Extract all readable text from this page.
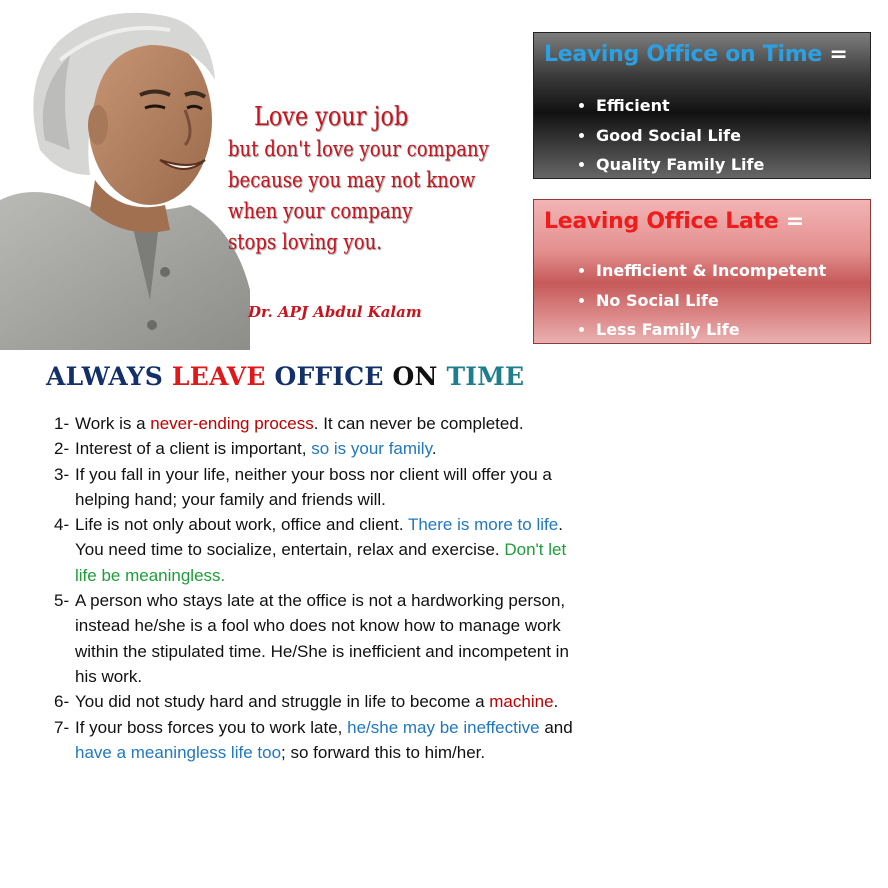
Love your job
but don't love your company
because you may not know
when your company
stops loving you.
Dr. APJ Abdul Kalam
Leaving Office on Time =
• Efficient
• Good Social Life
• Quality Family Life
Leaving Office Late =
• Inefficient & Incompetent
• No Social Life
• Less Family Life
ALWAYS LEAVE OFFICE ON TIME
1- Work is a never-ending process. It can never be completed.
2- Interest of a client is important, so is your family.
3- If you fall in your life, neither your boss nor client will offer you a helping hand; your family and friends will.
4- Life is not only about work, office and client. There is more to life. You need time to socialize, entertain, relax and exercise. Don't let life be meaningless.
5- A person who stays late at the office is not a hardworking person, instead he/she is a fool who does not know how to manage work within the stipulated time. He/She is inefficient and incompetent in his work.
6- You did not study hard and struggle in life to become a machine.
7- If your boss forces you to work late, he/she may be ineffective and have a meaningless life too; so forward this to him/her.
